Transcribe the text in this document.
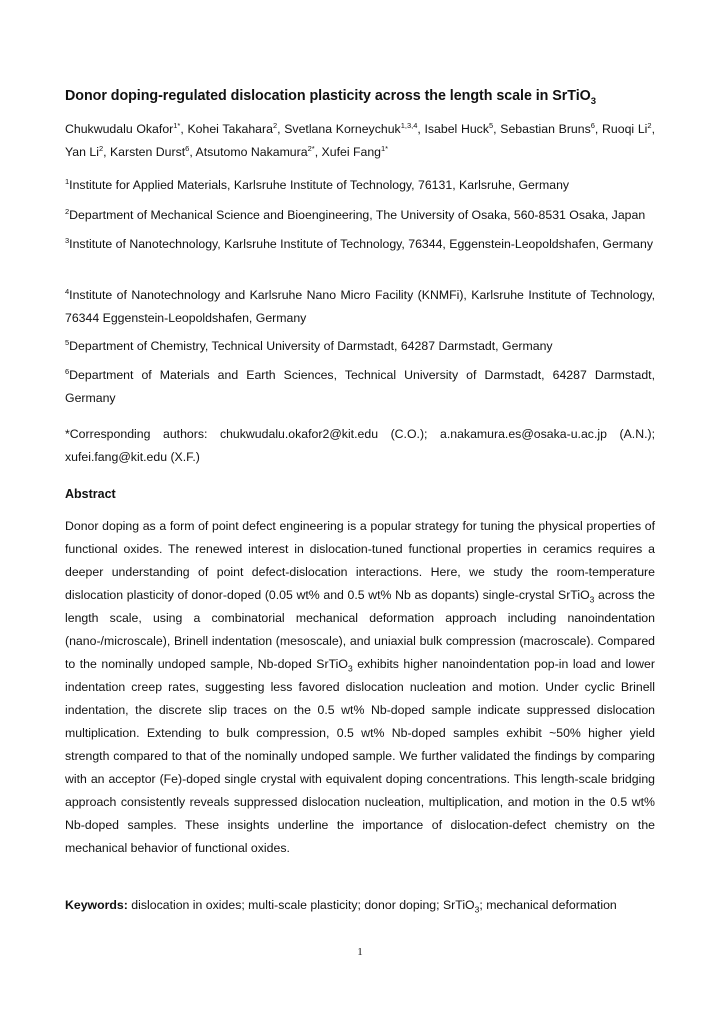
Donor doping-regulated dislocation plasticity across the length scale in SrTiO$_3$

Chukwudalu Okafor$^{1*}$, Kohei Takahara$^2$, Svetlana Korneychuk$^{1,3,4}$, Isabel Huck$^5$, Sebastian Bruns$^6$, Ruoqi Li$^2$, Yan Li$^2$, Karsten Durst$^6$, Atsutomo Nakamura$^{2*}$, Xufei Fang$^{1*}$

$^1$Institute for Applied Materials, Karlsruhe Institute of Technology, 76131, Karlsruhe, Germany

$^2$Department of Mechanical Science and Bioengineering, The University of Osaka, 560-8531 Osaka, Japan

$^3$Institute of Nanotechnology, Karlsruhe Institute of Technology, 76344, Eggenstein-Leopoldshafen, Germany

$^4$Institute of Nanotechnology and Karlsruhe Nano Micro Facility (KNMFi), Karlsruhe Institute of Technology, 76344 Eggenstein-Leopoldshafen, Germany

$^5$Department of Chemistry, Technical University of Darmstadt, 64287 Darmstadt, Germany

$^6$Department of Materials and Earth Sciences, Technical University of Darmstadt, 64287 Darmstadt, Germany

*Corresponding authors: chukwudalu.okafor2@kit.edu (C.O.); a.nakamura.es@osaka-u.ac.jp (A.N.); xufei.fang@kit.edu (X.F.)

Abstract

Donor doping as a form of point defect engineering is a popular strategy for tuning the physical properties of functional oxides. The renewed interest in dislocation-tuned functional properties in ceramics requires a deeper understanding of point defect-dislocation interactions. Here, we study the room-temperature dislocation plasticity of donor-doped (0.05 wt% and 0.5 wt% Nb as dopants) single-crystal SrTiO$_3$ across the length scale, using a combinatorial mechanical deformation approach including nanoindentation (nano-/microscale), Brinell indentation (mesoscale), and uniaxial bulk compression (macroscale). Compared to the nominally undoped sample, Nb-doped SrTiO$_3$ exhibits higher nanoindentation pop-in load and lower indentation creep rates, suggesting less favored dislocation nucleation and motion. Under cyclic Brinell indentation, the discrete slip traces on the 0.5 wt% Nb-doped sample indicate suppressed dislocation multiplication. Extending to bulk compression, 0.5 wt% Nb-doped samples exhibit ~50% higher yield strength compared to that of the nominally undoped sample. We further validated the findings by comparing with an acceptor (Fe)-doped single crystal with equivalent doping concentrations. This length-scale bridging approach consistently reveals suppressed dislocation nucleation, multiplication, and motion in the 0.5 wt% Nb-doped samples. These insights underline the importance of dislocation-defect chemistry on the mechanical behavior of functional oxides.

Keywords: dislocation in oxides; multi-scale plasticity; donor doping; SrTiO$_3$; mechanical deformation

1
